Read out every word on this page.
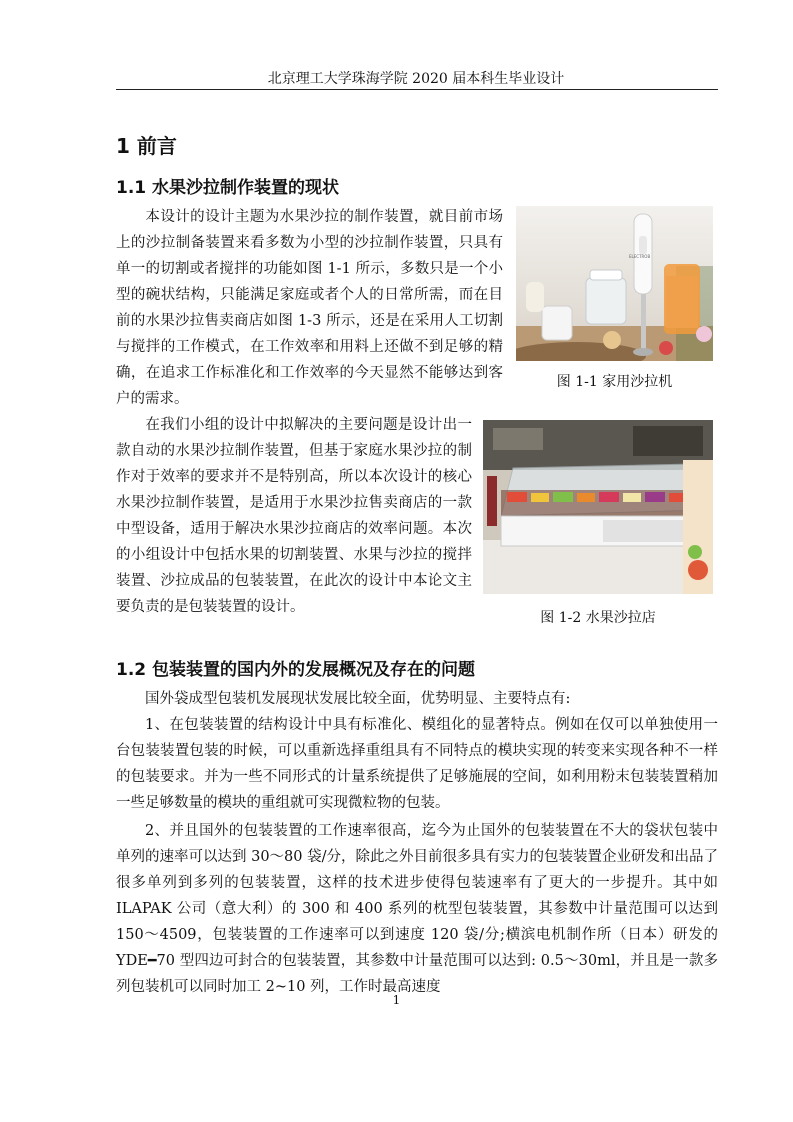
北京理工大学珠海学院 2020 届本科生毕业设计
1 前言
1.1 水果沙拉制作装置的现状
ELECTROB
图 1-1 家用沙拉机
图 1-2 水果沙拉店
本设计的设计主题为水果沙拉的制作装置，就目前市场上的沙拉制备装置来看多数为小型的沙拉制作装置，只具有单一的切割或者搅拌的功能如图 1-1 所示，多数只是一个小型的碗状结构，只能满足家庭或者个人的日常所需，而在目前的水果沙拉售卖商店如图 1-3 所示，还是在采用人工切割与搅拌的工作模式，在工作效率和用料上还做不到足够的精确，在追求工作标准化和工作效率的今天显然不能够达到客户的需求。
在我们小组的设计中拟解决的主要问题是设计出一款自动的水果沙拉制作装置，但基于家庭水果沙拉的制作对于效率的要求并不是特别高，所以本次设计的核心水果沙拉制作装置，是适用于水果沙拉售卖商店的一款中型设备，适用于解决水果沙拉商店的效率问题。本次的小组设计中包括水果的切割装置、水果与沙拉的搅拌装置、沙拉成品的包装装置，在此次的设计中本论文主要负责的是包装装置的设计。
1.2 包装装置的国内外的发展概况及存在的问题
国外袋成型包装机发展现状发展比较全面，优势明显、主要特点有:
1、在包装装置的结构设计中具有标准化、模组化的显著特点。例如在仅可以单独使用一台包装装置包装的时候，可以重新选择重组具有不同特点的模块实现的转变来实现各种不一样的包装要求。并为一些不同形式的计量系统提供了足够施展的空间，如利用粉末包装装置稍加一些足够数量的模块的重组就可实现微粒物的包装。
2、并且国外的包装装置的工作速率很高，迄今为止国外的包装装置在不大的袋状包装中单列的速率可以达到 30～80 袋/分，除此之外目前很多具有实力的包装装置企业研发和出品了很多单列到多列的包装装置，这样的技术进步使得包装速率有了更大的一步提升。其中如 ILAPAK 公司（意大利）的 300 和 400 系列的枕型包装装置，其参数中计量范围可以达到 150～4509，包装装置的工作速率可以到速度 120 袋/分;横滨电机制作所（日本）研发的 YDE━70 型四边可封合的包装装置，其参数中计量范围可以达到: 0.5～30ml，并且是一款多列包装机可以同时加工 2~10 列，工作时最高速度
1
